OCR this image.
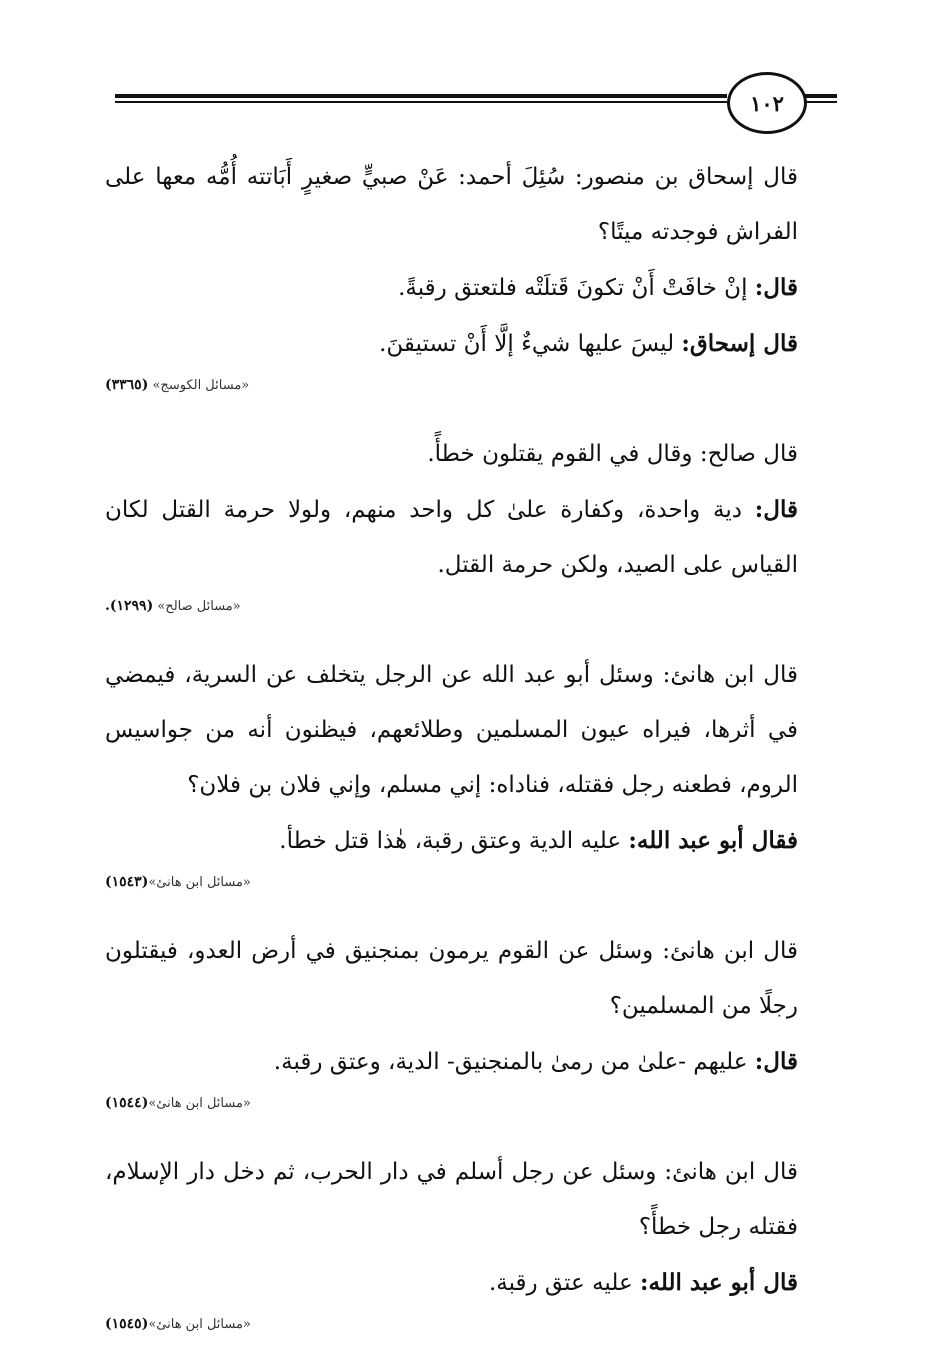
١٠٢

قال إسحاق بن منصور: سُئِلَ أحمد: عَنْ صبيٍّ صغيرٍ أَبَاتته أُمُّه معها على الفراش فوجدته ميتًا؟

قال: إنْ خافَتْ أَنْ تكونَ قَتلَتْه فلتعتق رقبةً.

قال إسحاق: ليسَ عليها شيءٌ إلَّا أَنْ تستيقنَ.

«مسائل الكوسج» (٣٣٦٥)

قال صالح: وقال في القوم يقتلون خطأً.

قال: دية واحدة، وكفارة علىٰ كل واحد منهم، ولولا حرمة القتل لكان القياس على الصيد، ولكن حرمة القتل.

«مسائل صالح» (١٢٩٩).

قال ابن هانئ: وسئل أبو عبد الله عن الرجل يتخلف عن السرية، فيمضي في أثرها، فيراه عيون المسلمين وطلائعهم، فيظنون أنه من جواسيس الروم، فطعنه رجل فقتله، فناداه: إني مسلم، وإني فلان بن فلان؟

فقال أبو عبد الله: عليه الدية وعتق رقبة، هٰذا قتل خطأ.

«مسائل ابن هانئ»(١٥٤٣)

قال ابن هانئ: وسئل عن القوم يرمون بمنجنيق في أرض العدو، فيقتلون رجلًا من المسلمين؟

قال: عليهم -علىٰ من رمىٰ بالمنجنيق- الدية، وعتق رقبة.

«مسائل ابن هانئ»(١٥٤٤)

قال ابن هانئ: وسئل عن رجل أسلم في دار الحرب، ثم دخل دار الإسلام، فقتله رجل خطأً؟

قال أبو عبد الله: عليه عتق رقبة.

«مسائل ابن هانئ»(١٥٤٥)
